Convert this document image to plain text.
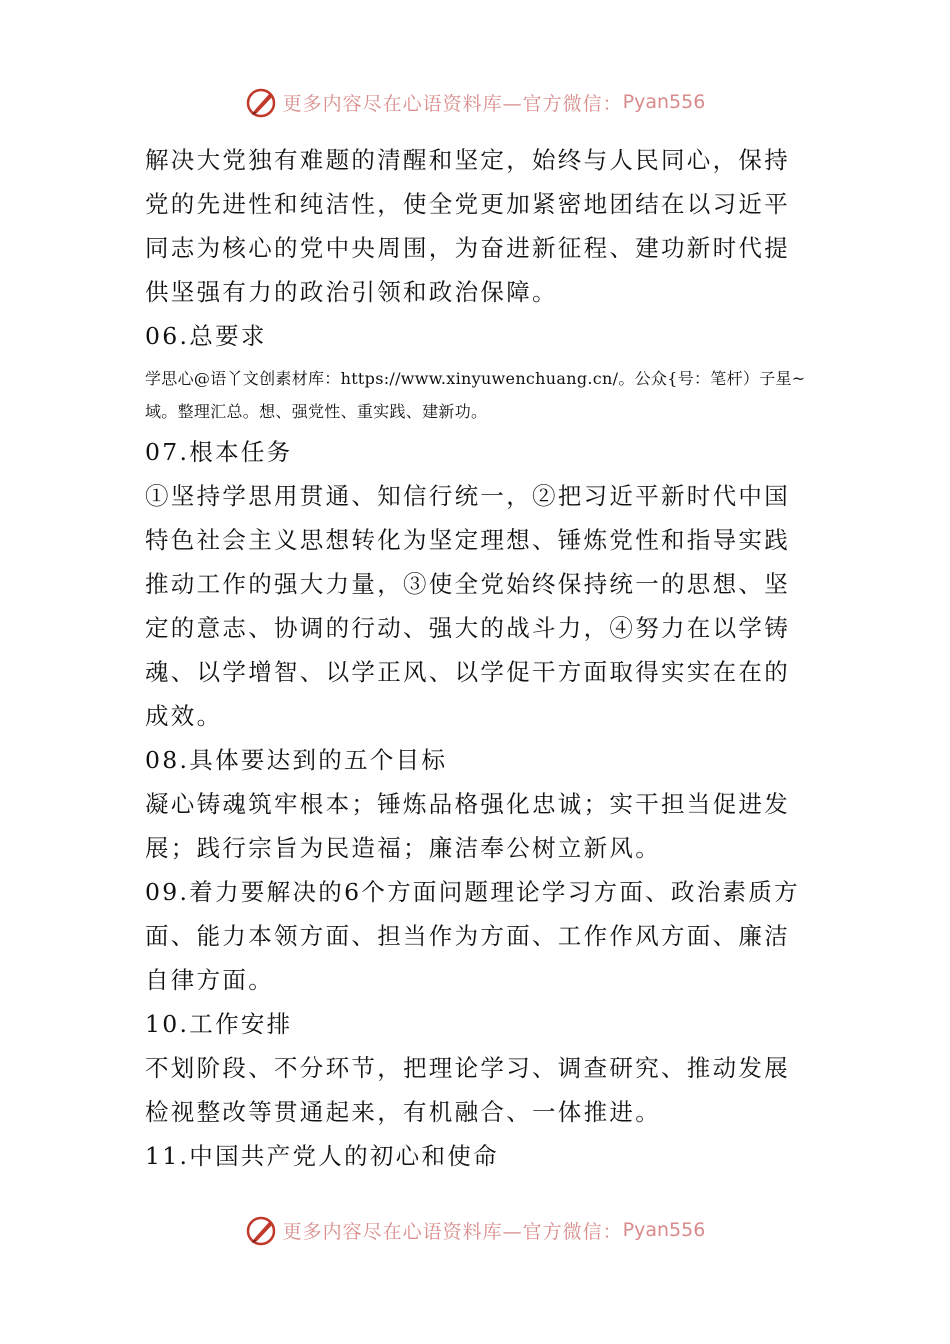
更多内容尽在心语资料库—官方微信： Pyan556

解决大党独有难题的清醒和坚定，始终与人民同心，保持党的先进性和纯洁性，使全党更加紧密地团结在以习近平同志为核心的党中央周围，为奋进新征程、建功新时代提供坚强有力的政治引领和政治保障。

06.总要求

学思心@语丫文创素材库：https://www.xinyuwenchuang.cn/。公众{号：笔杆）子星~域。整理汇总。想、强党性、重实践、建新功。

07.根本任务

①坚持学思用贯通、知信行统一，②把习近平新时代中国特色社会主义思想转化为坚定理想、锤炼党性和指导实践推动工作的强大力量，③使全党始终保持统一的思想、坚定的意志、协调的行动、强大的战斗力，④努力在以学铸魂、以学增智、以学正风、以学促干方面取得实实在在的成效。

08.具体要达到的五个目标

凝心铸魂筑牢根本；锤炼品格强化忠诚；实干担当促进发展；践行宗旨为民造福；廉洁奉公树立新风。

09.着力要解决的6个方面问题理论学习方面、政治素质方面、能力本领方面、担当作为方面、工作作风方面、廉洁自律方面。

10.工作安排

不划阶段、不分环节，把理论学习、调查研究、推动发展检视整改等贯通起来，有机融合、一体推进。

11.中国共产党人的初心和使命

更多内容尽在心语资料库—官方微信： Pyan556
